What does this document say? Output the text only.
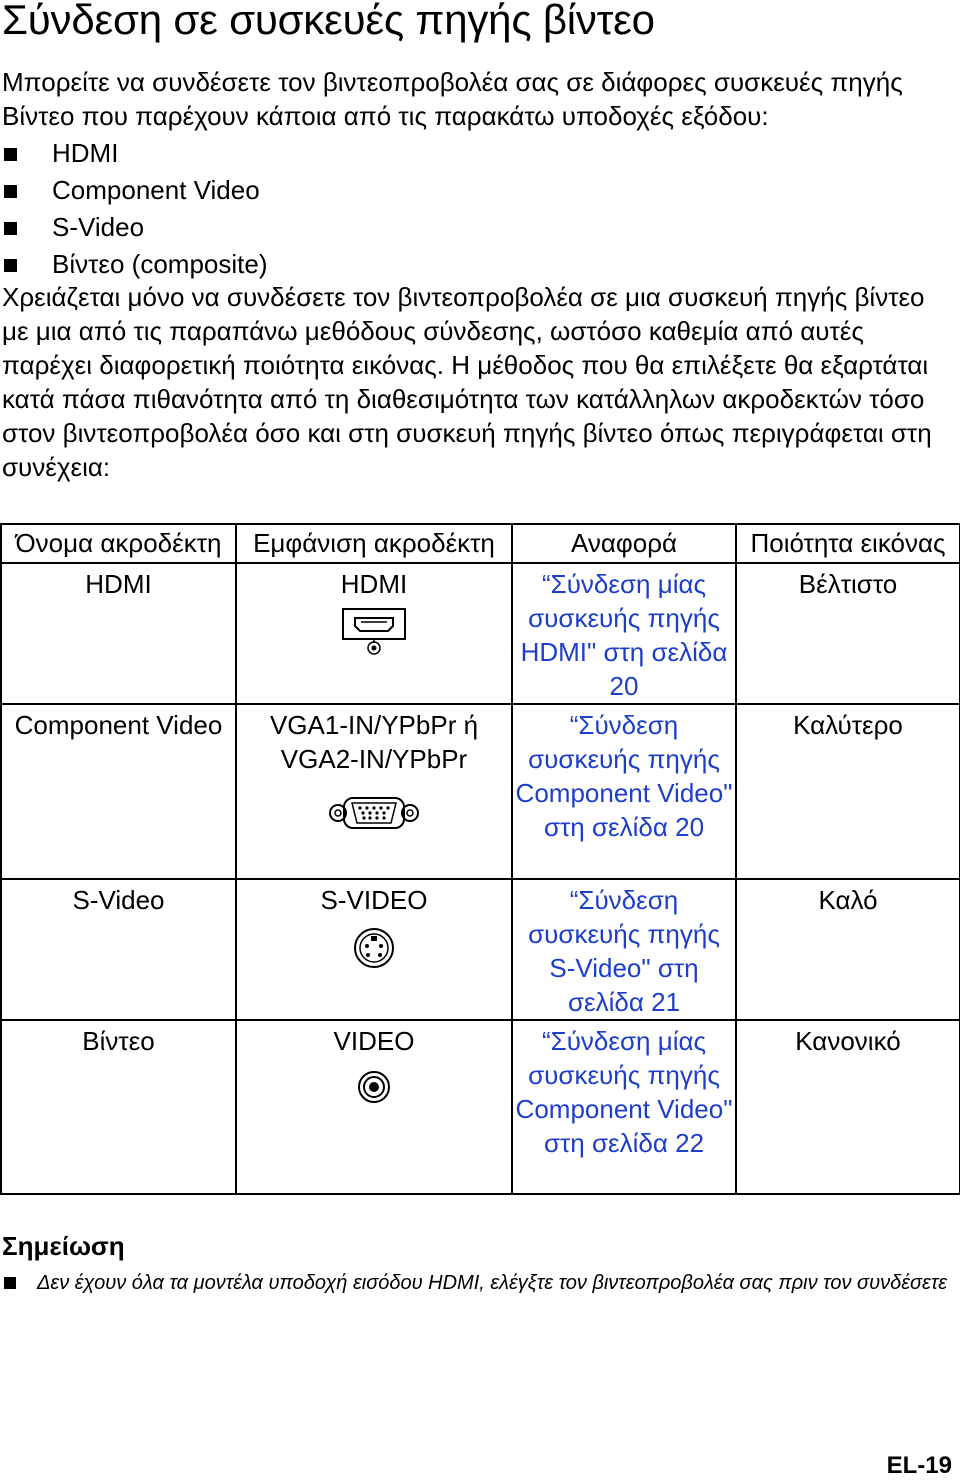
Σύνδεση σε συσκευές πηγής βίντεο

Μπορείτε να συνδέσετε τον βιντεοπροβολέα σας σε διάφορες συσκευές πηγής Βίντεο που παρέχουν κάποια από τις παρακάτω υποδοχές εξόδου:

HDMI
Component Video
S-Video
Βίντεο (composite)

Χρειάζεται μόνο να συνδέσετε τον βιντεοπροβολέα σε μια συσκευή πηγής βίντεο με μια από τις παραπάνω μεθόδους σύνδεσης, ωστόσο καθεμία από αυτές παρέχει διαφορετική ποιότητα εικόνας. Η μέθοδος που θα επιλέξετε θα εξαρτάται κατά πάσα πιθανότητα από τη διαθεσιμότητα των κατάλληλων ακροδεκτών τόσο στον βιντεοπροβολέα όσο και στη συσκευή πηγής βίντεο όπως περιγράφεται στη συνέχεια:

Όνομα ακροδέκτη	Εμφάνιση ακροδέκτη	Αναφορά	Ποιότητα εικόνας
HDMI	HDMI	“Σύνδεση μίας συσκευής πηγής HDMI" στη σελίδα 20	Βέλτιστο
Component Video	VGA1-IN/YPbPr ή VGA2-IN/YPbPr	“Σύνδεση συσκευής πηγής Component Video" στη σελίδα 20	Καλύτερο
S-Video	S-VIDEO	“Σύνδεση συσκευής πηγής S-Video" στη σελίδα 21	Καλό
Βίντεο	VIDEO	“Σύνδεση μίας συσκευής πηγής Component Video" στη σελίδα 22	Κανονικό
Σημείωση
Δεν έχουν όλα τα μοντέλα υποδοχή εισόδου HDMI, ελέγξτε τον βιντεοπροβολέα σας πριν τον συνδέσετε
EL-19
